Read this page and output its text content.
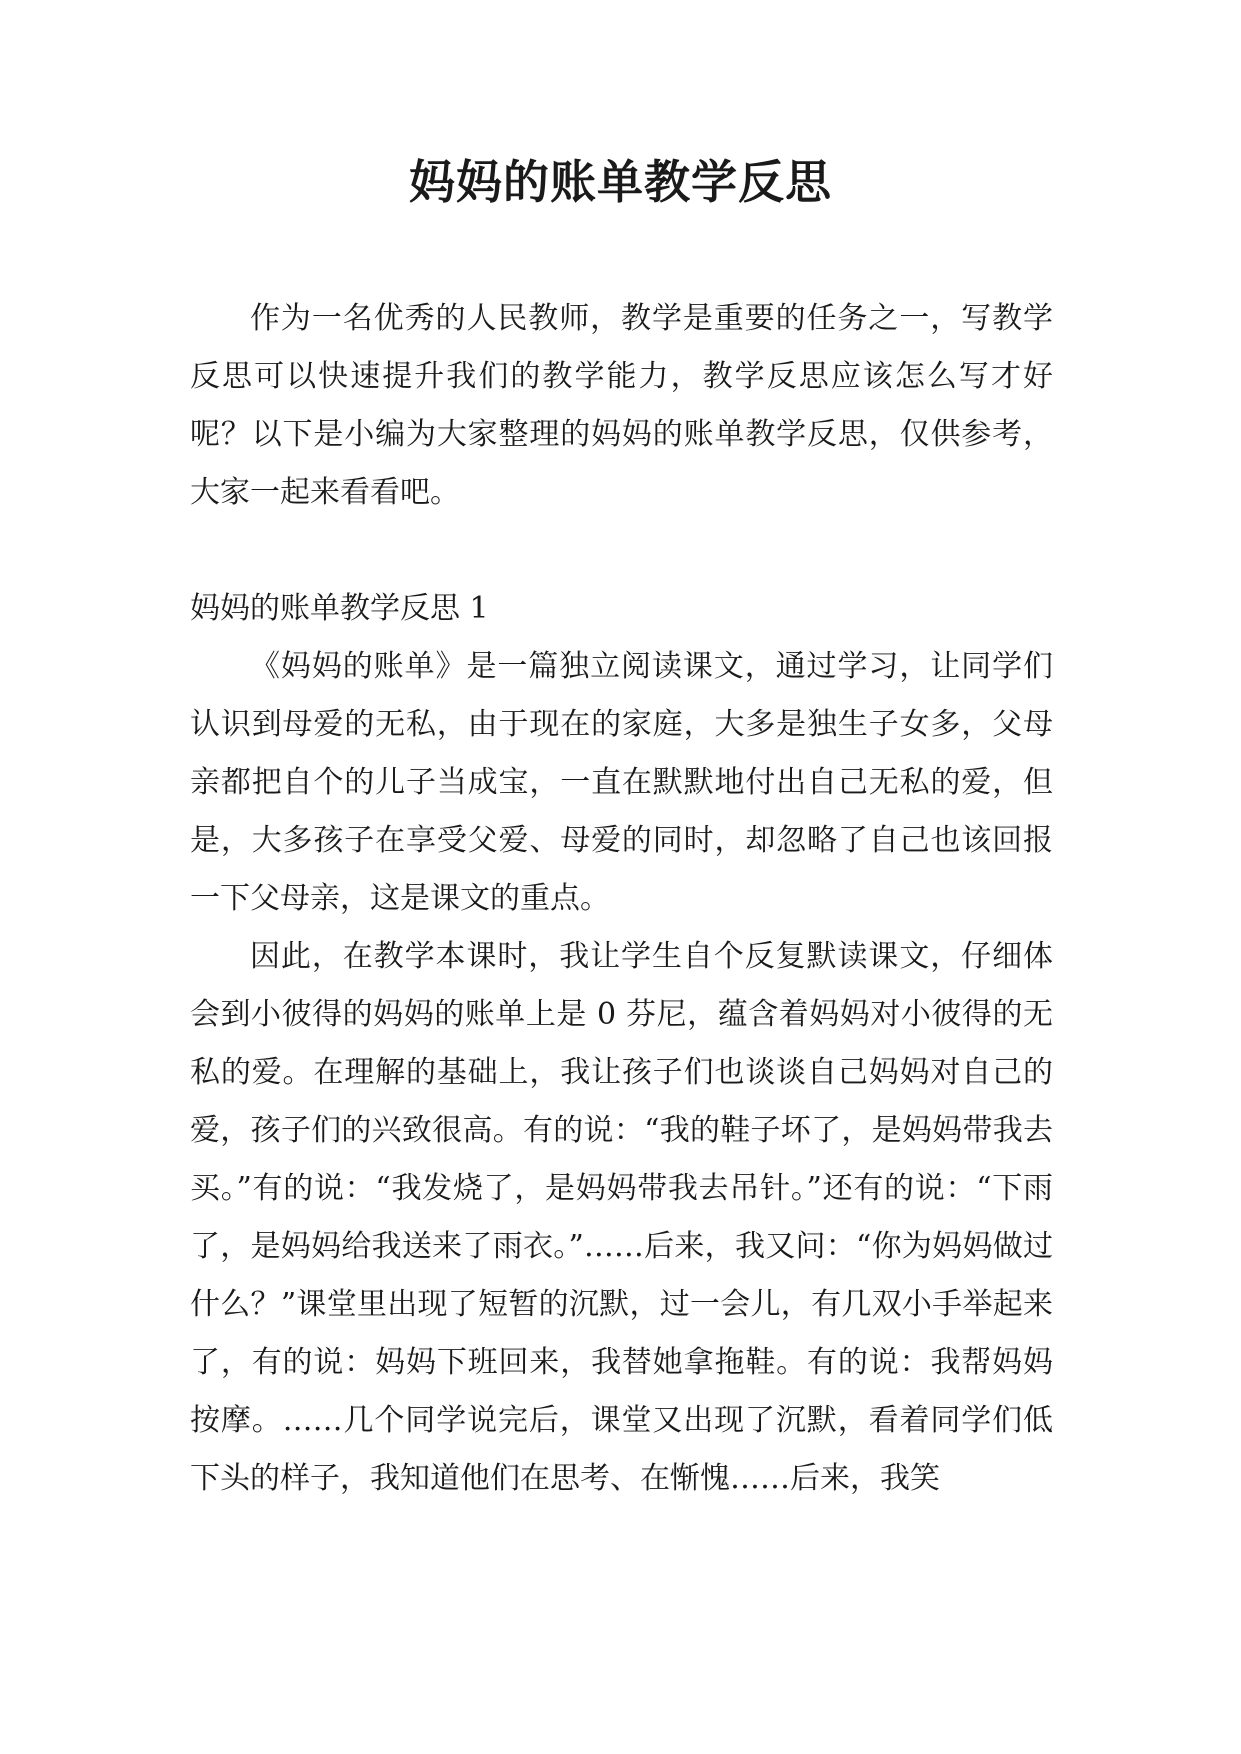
妈妈的账单教学反思

作为一名优秀的人民教师，教学是重要的任务之一，写教学反思可以快速提升我们的教学能力，教学反思应该怎么写才好呢？以下是小编为大家整理的妈妈的账单教学反思，仅供参考，大家一起来看看吧。

妈妈的账单教学反思 1

《妈妈的账单》是一篇独立阅读课文，通过学习，让同学们认识到母爱的无私，由于现在的家庭，大多是独生子女多，父母亲都把自个的儿子当成宝，一直在默默地付出自己无私的爱，但是，大多孩子在享受父爱、母爱的同时，却忽略了自己也该回报一下父母亲，这是课文的重点。

因此，在教学本课时，我让学生自个反复默读课文，仔细体会到小彼得的妈妈的账单上是 0 芬尼，蕴含着妈妈对小彼得的无私的爱。在理解的基础上，我让孩子们也谈谈自己妈妈对自己的爱，孩子们的兴致很高。有的说：“我的鞋子坏了，是妈妈带我去买。”有的说：“我发烧了，是妈妈带我去吊针。”还有的说：“下雨了，是妈妈给我送来了雨衣。”……后来，我又问：“你为妈妈做过什么？”课堂里出现了短暂的沉默，过一会儿，有几双小手举起来了，有的说：妈妈下班回来，我替她拿拖鞋。有的说：我帮妈妈按摩。……几个同学说完后，课堂又出现了沉默，看着同学们低下头的样子，我知道他们在思考、在惭愧……后来，我笑
